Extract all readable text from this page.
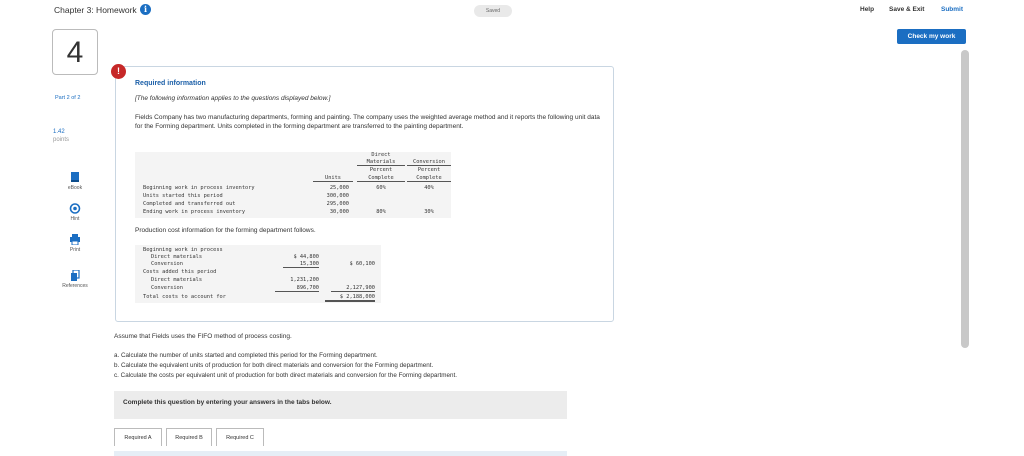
Chapter 3: Homework i	Saved	Help Save & Exit	Submit
Check my work
4
Part 2 of 2
1.42
points
eBook
Hint
Print
References
!
Required information
[The following information applies to the questions displayed below.]
Fields Company has two manufacturing departments, forming and painting. The company uses the weighted average method and it reports the following unit data for the Forming department. Units completed in the forming department are transferred to the painting department.
Direct
Materials	Conversion
Percent	Percent
Units	Complete	Complete
Beginning work in process inventory	25,000	60%	40%
Units started this period	300,000
Completed and transferred out	295,000
Ending work in process inventory	30,000	80%	30%
Production cost information for the forming department follows.
Beginning work in process
Direct materials	$ 44,800
Conversion	15,300	$ 60,100
Costs added this period
Direct materials	1,231,200
Conversion	896,700	2,127,900
Total costs to account for	$ 2,188,000
Assume that Fields uses the FIFO method of process costing.
a. Calculate the number of units started and completed this period for the Forming department.
b. Calculate the equivalent units of production for both direct materials and conversion for the Forming department.
c. Calculate the costs per equivalent unit of production for both direct materials and conversion for the Forming department.
Complete this question by entering your answers in the tabs below.
Required A	Required B	Required C
